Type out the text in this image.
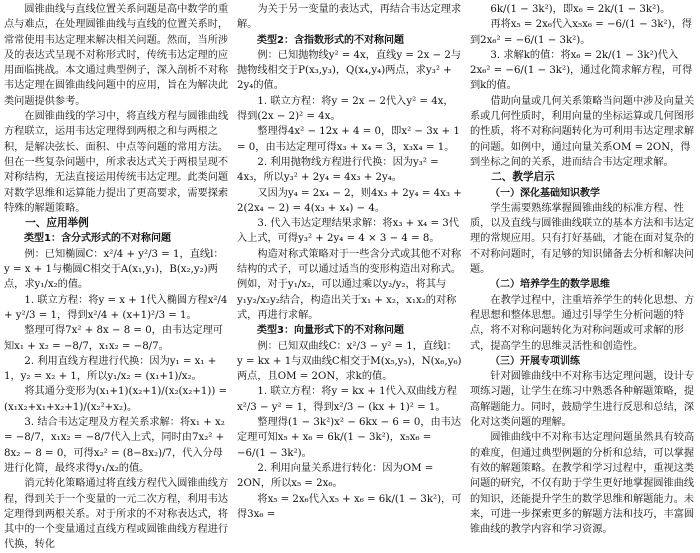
圆锥曲线与直线位置关系问题是高中数学的重点与难点，在处理圆锥曲线与直线的位置关系时，常常使用韦达定理来解决相关问题。然而，当所涉及的表达式呈现不对称形式时，传统韦达定理的应用面临挑战。本文通过典型例子，深入剖析不对称韦达定理在圆锥曲线问题中的应用，旨在为解决此类问题提供参考。

在圆锥曲线的学习中，将直线方程与圆锥曲线方程联立，运用韦达定理得到两根之和与两根之积，是解决弦长、面积、中点等问题的常用方法。但在一些复杂问题中，所求表达式关于两根呈现不对称结构，无法直接运用传统韦达定理。此类问题对数学思维和运算能力提出了更高要求，需要探索特殊的解题策略。

一、应用举例

类型1：含分式形式的不对称问题

例：已知椭圆C：x²/4 + y²/3 = 1，直线l：y = x + 1与椭圆C相交于A(x₁,y₁)，B(x₂,y₂)两点，求y₁/x₂的值。

1. 联立方程：将y = x + 1代入椭圆方程x²/4 + y²/3 = 1，得到x²/4 + (x+1)²/3 = 1。

整理可得7x² + 8x − 8 = 0，由韦达定理可知x₁ + x₂ = −8/7，x₁x₂ = −8/7。

2. 利用直线方程进行代换：因为y₁ = x₁ + 1，y₂ = x₂ + 1，所以y₁/x₂ = (x₁+1)/x₂。

将其通分变形为(x₁+1)(x₂+1)/(x₂(x₂+1)) = (x₁x₂+x₁+x₂+1)/(x₂²+x₂)。

3. 结合韦达定理及方程关系求解：将x₁ + x₂ = −8/7，x₁x₂ = −8/7代入上式，同时由7x₂² + 8x₂ − 8 = 0，可得x₂² = (8−8x₂)/7，代入分母进行化简，最终求得y₁/x₂的值。

消元转化策略通过将直线方程代入圆锥曲线方程，得到关于一个变量的一元二次方程，利用韦达定理得到两根关系。对于所求的不对称表达式，将其中的一个变量通过直线方程或圆锥曲线方程进行代换，转化

为关于另一变量的表达式，再结合韦达定理求解。

类型2：含指数形式的不对称问题

例：已知抛物线y² = 4x，直线y = 2x − 2与抛物线相交于P(x₃,y₃)，Q(x₄,y₄)两点，求y₃² + 2y₄的值。

1. 联立方程：将y = 2x − 2代入y² = 4x，得到(2x − 2)² = 4x。

整理得4x² − 12x + 4 = 0，即x² − 3x + 1 = 0，由韦达定理可得x₃ + x₄ = 3，x₃x₄ = 1。

2. 利用抛物线方程进行代换：因为y₃² = 4x₃，所以y₃² + 2y₄ = 4x₃ + 2y₄。

又因为y₄ = 2x₄ − 2，则4x₃ + 2y₄ = 4x₃ + 2(2x₄ − 2) = 4(x₃ + x₄) − 4。

3. 代入韦达定理结果求解：将x₃ + x₄ = 3代入上式，可得y₃² + 2y₄ = 4 × 3 − 4 = 8。

构造对称式策略对于一些含分式或其他不对称结构的式子，可以通过适当的变形构造出对称式。例如，对于y₁/x₂，可以通过乘以y₂/y₂，将其与y₁y₂/x₂y₂结合，构造出关于x₁ + x₂，x₁x₂的对称式，再进行求解。

类型3：向量形式下的不对称问题

例：已知双曲线C：x²/3 − y² = 1，直线l：y = kx + 1与双曲线C相交于M(x₅,y₅)，N(x₆,y₆)两点，且OM = 2ON，求k的值。

1. 联立方程：将y = kx + 1代入双曲线方程x²/3 − y² = 1，得到x²/3 − (kx + 1)² = 1。

整理得(1 − 3k²)x² − 6kx − 6 = 0，由韦达定理可知x₅ + x₆ = 6k/(1 − 3k²)，x₅x₆ = −6/(1 − 3k²)。

2. 利用向量关系进行转化：因为OM = 2ON，所以x₅ = 2x₆。

将x₅ = 2x₆代入x₅ + x₆ = 6k/(1 − 3k²)，可得3x₆ =

6k/(1 − 3k²)，即x₆ = 2k/(1 − 3k²)。

再将x₅ = 2x₆代入x₅x₆ = −6/(1 − 3k²)，得到2x₆² = −6/(1 − 3k²)。

3. 求解k的值：将x₆ = 2k/(1 − 3k²)代入2x₆² = −6/(1 − 3k²)，通过化简求解方程，可得到k的值。

借助向量或几何关系策略当问题中涉及向量关系或几何性质时，利用向量的坐标运算或几何图形的性质，将不对称问题转化为可利用韦达定理求解的问题。如例中，通过向量关系OM = 2ON，得到坐标之间的关系，进而结合韦达定理求解。

二、教学启示

（一）深化基础知识教学

学生需要熟练掌握圆锥曲线的标准方程、性质，以及直线与圆锥曲线联立的基本方法和韦达定理的常规应用。只有打好基础，才能在面对复杂的不对称问题时，有足够的知识储备去分析和解决问题。

（二）培养学生的数学思维

在教学过程中，注重培养学生的转化思想、方程思想和整体思想。通过引导学生分析问题的特点，将不对称问题转化为对称问题或可求解的形式，提高学生的思维灵活性和创造性。

（三）开展专项训练

针对圆锥曲线中不对称韦达定理问题，设计专项练习题，让学生在练习中熟悉各种解题策略，提高解题能力。同时，鼓励学生进行反思和总结，深化对这类问题的理解。

圆锥曲线中不对称韦达定理问题虽然具有较高的难度，但通过典型例题的分析和总结，可以掌握有效的解题策略。在教学和学习过程中，重视这类问题的研究，不仅有助于学生更好地掌握圆锥曲线的知识，还能提升学生的数学思维和解题能力。未来，可进一步探索更多的解题方法和技巧，丰富圆锥曲线的教学内容和学习资源。
